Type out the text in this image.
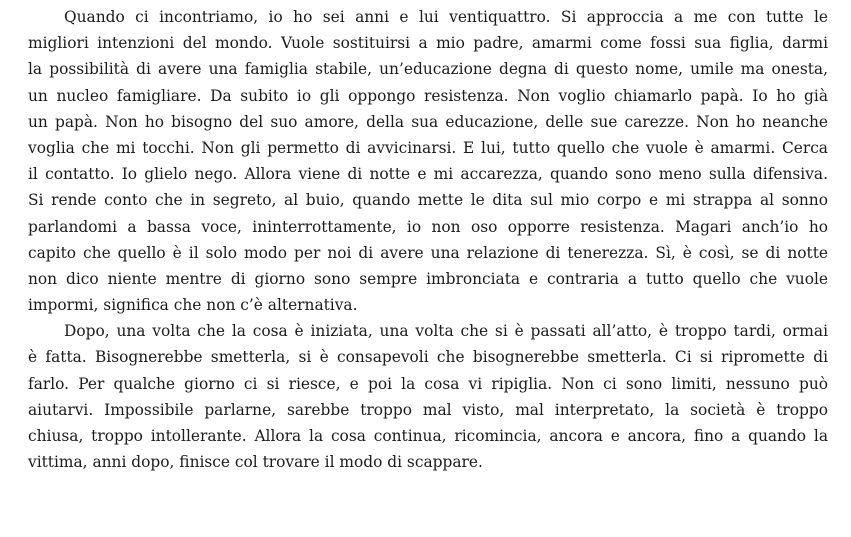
Quando ci incontriamo, io ho sei anni e lui ventiquattro. Si approccia a me con tutte le
migliori intenzioni del mondo. Vuole sostituirsi a mio padre, amarmi come fossi sua figlia, darmi
la possibilità di avere una famiglia stabile, un’educazione degna di questo nome, umile ma onesta,
un nucleo famigliare. Da subito io gli oppongo resistenza. Non voglio chiamarlo papà. Io ho già
un papà. Non ho bisogno del suo amore, della sua educazione, delle sue carezze. Non ho neanche
voglia che mi tocchi. Non gli permetto di avvicinarsi. E lui, tutto quello che vuole è amarmi. Cerca
il contatto. Io glielo nego. Allora viene di notte e mi accarezza, quando sono meno sulla difensiva.
Si rende conto che in segreto, al buio, quando mette le dita sul mio corpo e mi strappa al sonno
parlandomi a bassa voce, ininterrottamente, io non oso opporre resistenza. Magari anch’io ho
capito che quello è il solo modo per noi di avere una relazione di tenerezza. Sì, è così, se di notte
non dico niente mentre di giorno sono sempre imbronciata e contraria a tutto quello che vuole
impormi, significa che non c’è alternativa.
Dopo, una volta che la cosa è iniziata, una volta che si è passati all’atto, è troppo tardi, ormai
è fatta. Bisognerebbe smetterla, si è consapevoli che bisognerebbe smetterla. Ci si ripromette di
farlo. Per qualche giorno ci si riesce, e poi la cosa vi ripiglia. Non ci sono limiti, nessuno può
aiutarvi. Impossibile parlarne, sarebbe troppo mal visto, mal interpretato, la società è troppo
chiusa, troppo intollerante. Allora la cosa continua, ricomincia, ancora e ancora, fino a quando la
vittima, anni dopo, finisce col trovare il modo di scappare.
